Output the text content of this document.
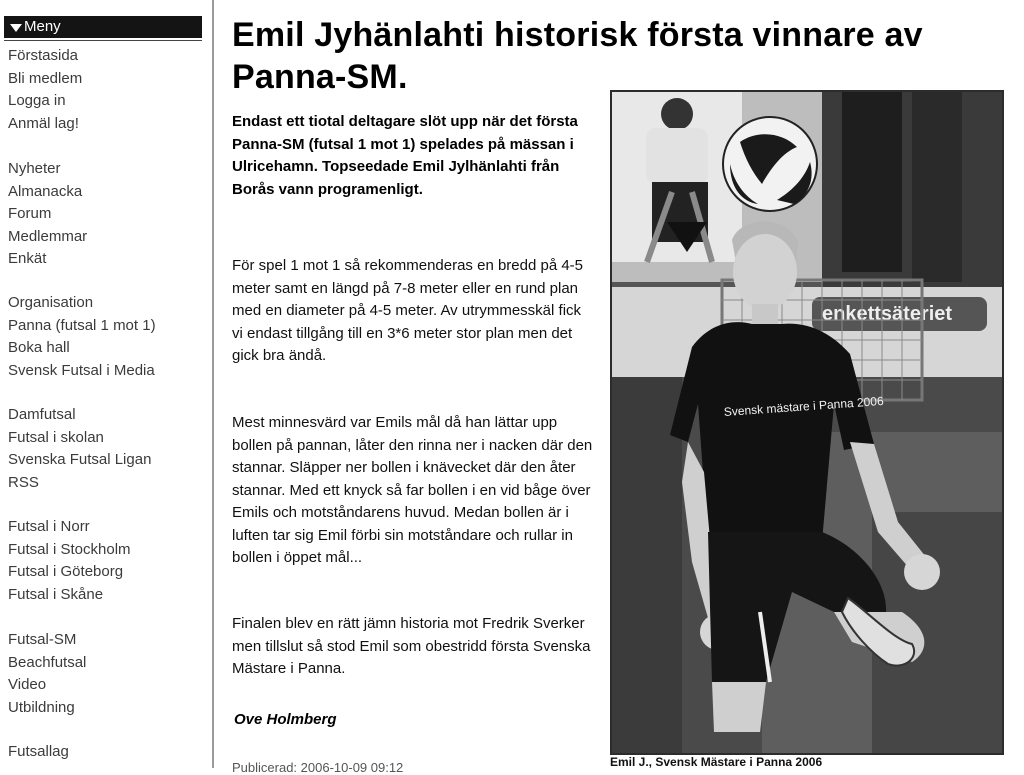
Meny
Förstasida
Bli medlem
Logga in
Anmäl lag!
Nyheter
Almanacka
Forum
Medlemmar
Enkät
Organisation
Panna (futsal 1 mot 1)
Boka hall
Svensk Futsal i Media
Damfutsal
Futsal i skolan
Svenska Futsal Ligan
RSS
Futsal i Norr
Futsal i Stockholm
Futsal i Göteborg
Futsal i Skåne
Futsal-SM
Beachfutsal
Video
Utbildning
Futsallag
Emil Jyhänlahti historisk första vinnare av Panna-SM.

Endast ett tiotal deltagare slöt upp när det första Panna-SM (futsal 1 mot 1) spelades på mässan i Ulricehamn. Topseedade Emil Jylhänlahti från Borås vann programenligt.

För spel 1 mot 1 så rekommenderas en bredd på 4-5 meter samt en längd på 7-8 meter eller en rund plan med en diameter på 4-5 meter. Av utrymmesskäl fick vi endast tillgång till en 3*6 meter stor plan men det gick bra ändå.

Mest minnesvärd var Emils mål då han lättar upp bollen på pannan, låter den rinna ner i nacken där den stannar. Släpper ner bollen i knävecket där den åter stannar. Med ett knyck så far bollen i en vid båge över Emils och motståndarens huvud. Medan bollen är i luften tar sig Emil förbi sin motståndare och rullar in bollen i öppet mål...

Finalen blev en rätt jämn historia mot Fredrik Sverker men tillslut så stod Emil som obestridd första Svenska Mästare i Panna.

Ove Holmberg

Publicerad: 2006-10-09 09:12
enkettsäteriet
Svensk mästare i Panna 2006
Emil J., Svensk Mästare i Panna 2006
